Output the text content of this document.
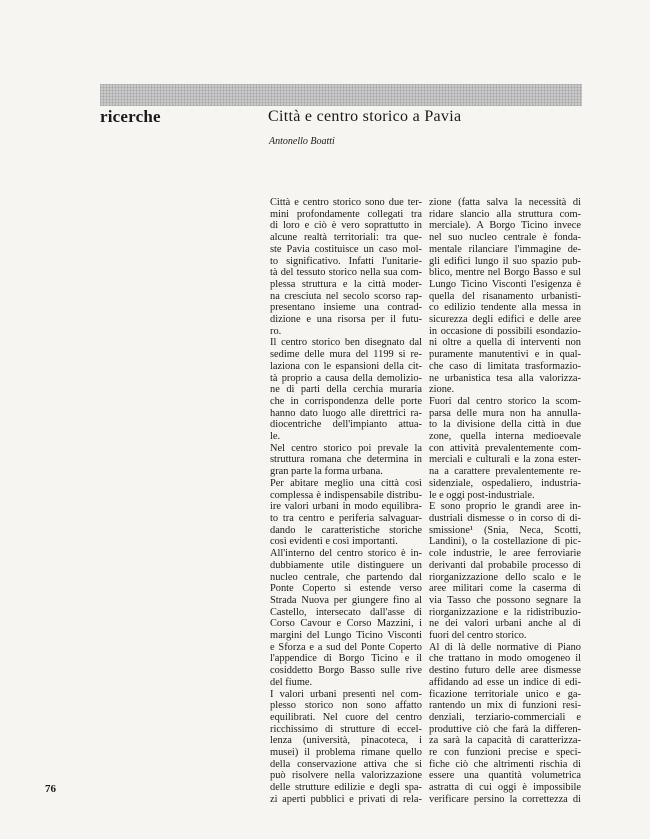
ricerche	Città e centro storico a Pavia
Antonello Boatti
Città e centro storico sono due ter-
mini profondamente collegati tra
di loro e ciò è vero soprattutto in
alcune realtà territoriali: tra que-
ste Pavia costituisce un caso mol-
to significativo. Infatti l'unitarie-
tà del tessuto storico nella sua com-
plessa struttura e la città moder-
na cresciuta nel secolo scorso rap-
presentano insieme una contrad-
dizione e una risorsa per il futu-
ro.
Il centro storico ben disegnato dal
sedime delle mura del 1199 si re-
laziona con le espansioni della cit-
tà proprio a causa della demolizio-
ne di parti della cerchia muraria
che in corrispondenza delle porte
hanno dato luogo alle direttrici ra-
diocentriche dell'impianto attua-
le.
Nel centro storico poi prevale la
struttura romana che determina in
gran parte la forma urbana.
Per abitare meglio una città così
complessa è indispensabile distribu-
ire valori urbani in modo equilibra-
to tra centro e periferia salvaguar-
dando le caratteristiche storiche
così evidenti e così importanti.
All'interno del centro storico è in-
dubbiamente utile distinguere un
nucleo centrale, che partendo dal
Ponte Coperto si estende verso
Strada Nuova per giungere fino al
Castello, intersecato dall'asse di
Corso Cavour e Corso Mazzini, i
margini del Lungo Ticino Visconti
e Sforza e a sud del Ponte Coperto
l'appendice di Borgo Ticino e il
cosiddetto Borgo Basso sulle rive
del fiume.
I valori urbani presenti nel com-
plesso storico non sono affatto
equilibrati. Nel cuore del centro
ricchissimo di strutture di eccel-
lenza (università, pinacoteca, i
musei) il problema rimane quello
della conservazione attiva che si
può risolvere nella valorizzazione
delle strutture edilizie e degli spa-
zi aperti pubblici e privati di rela-
zione (fatta salva la necessità di
ridare slancio alla struttura com-
merciale). A Borgo Ticino invece
nel suo nucleo centrale è fonda-
mentale rilanciare l'immagine de-
gli edifici lungo il suo spazio pub-
blico, mentre nel Borgo Basso e sul
Lungo Ticino Visconti l'esigenza è
quella del risanamento urbanisti-
co edilizio tendente alla messa in
sicurezza degli edifici e delle aree
in occasione di possibili esondazio-
ni oltre a quella di interventi non
puramente manutentivi e in qual-
che caso di limitata trasformazio-
ne urbanistica tesa alla valorizza-
zione.
Fuori dal centro storico la scom-
parsa delle mura non ha annulla-
to la divisione della città in due
zone, quella interna medioevale
con attività prevalentemente com-
merciali e culturali e la zona ester-
na a carattere prevalentemente re-
sidenziale, ospedaliero, industria-
le e oggi post-industriale.
E sono proprio le grandi aree in-
dustriali dismesse o in corso di di-
smissione¹ (Snia, Neca, Scotti,
Landini), o la costellazione di pic-
cole industrie, le aree ferroviarie
derivanti dal probabile processo di
riorganizzazione dello scalo e le
aree militari come la caserma di
via Tasso che possono segnare la
riorganizzazione e la ridistribuzio-
ne dei valori urbani anche al di
fuori del centro storico.
Al di là delle normative di Piano
che trattano in modo omogeneo il
destino futuro delle aree dismesse
affidando ad esse un indice di edi-
ficazione territoriale unico e ga-
rantendo un mix di funzioni resi-
denziali, terziario-commerciali e
produttive ciò che farà la differen-
za sarà la capacità di caratterizza-
re con funzioni precise e speci-
fiche ciò che altrimenti rischia di
essere una quantità volumetrica
astratta di cui oggi è impossibile
verificare persino la correttezza di
76
